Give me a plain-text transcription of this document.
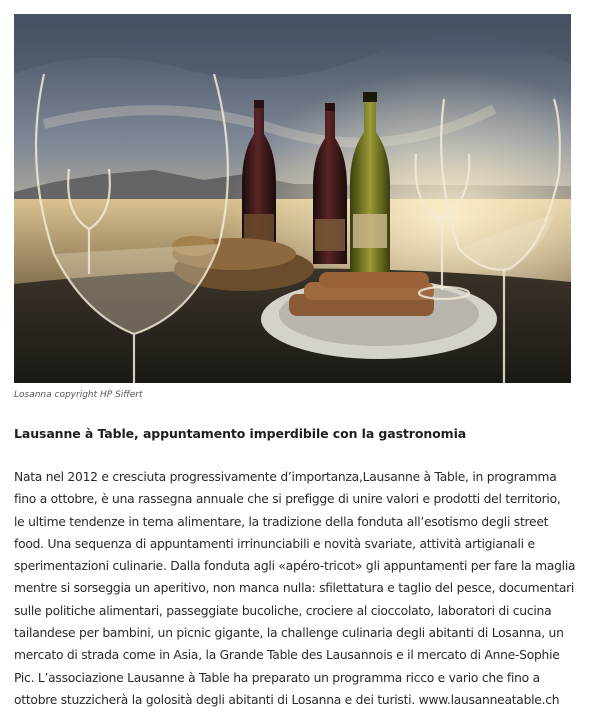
Losanna copyright HP Siffert
Lausanne à Table, appuntamento imperdibile con la gastronomia

Nata nel 2012 e cresciuta progressivamente d’importanza,Lausanne à Table, in programma
fino a ottobre, è una rassegna annuale che si prefigge di unire valori e prodotti del territorio,
le ultime tendenze in tema alimentare, la tradizione della fonduta all’esotismo degli street
food. Una sequenza di appuntamenti irrinunciabili e novità svariate, attività artigianali e
sperimentazioni culinarie. Dalla fonduta agli «apéro-tricot» gli appuntamenti per fare la maglia
mentre si sorseggia un aperitivo, non manca nulla: sfilettatura e taglio del pesce, documentari
sulle politiche alimentari, passeggiate bucoliche, crociere al cioccolato, laboratori di cucina
tailandese per bambini, un picnic gigante, la challenge culinaria degli abitanti di Losanna, un
mercato di strada come in Asia, la Grande Table des Lausannois e il mercato di Anne-Sophie
Pic. L’associazione Lausanne à Table ha preparato un programma ricco e vario che fino a
ottobre stuzzicherà la golosità degli abitanti di Losanna e dei turisti. www.lausanneatable.ch
